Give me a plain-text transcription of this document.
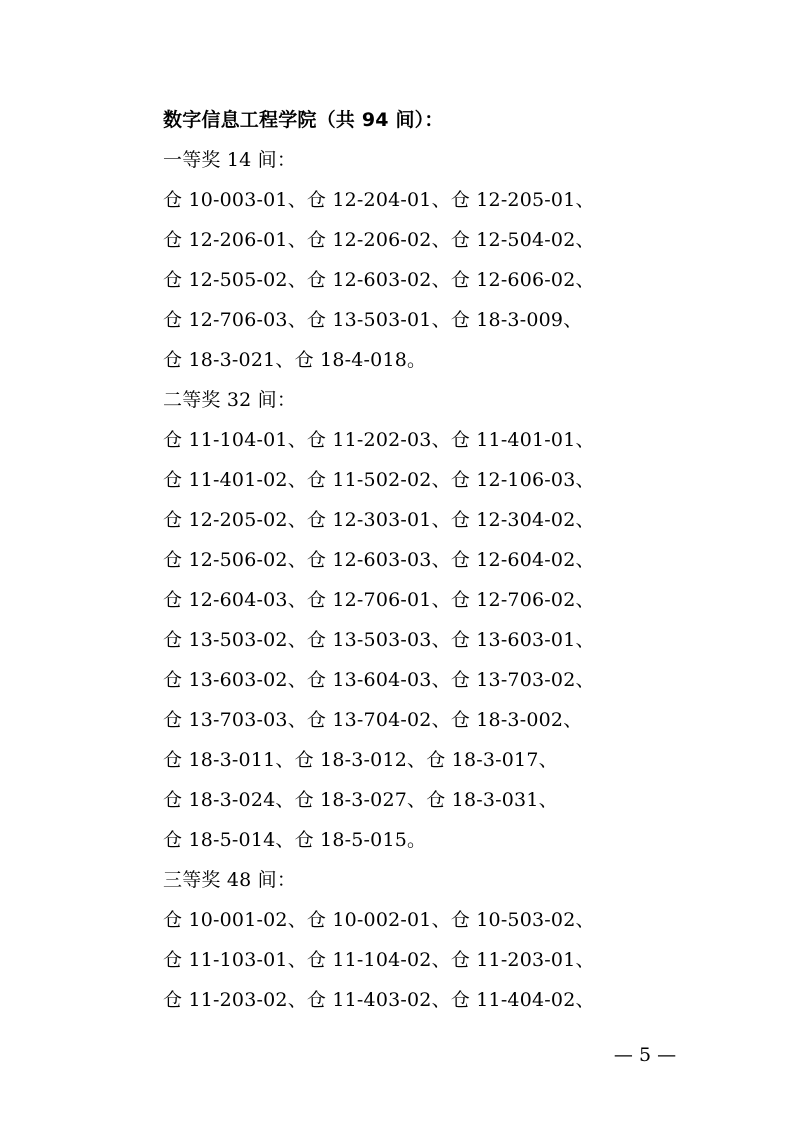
数字信息工程学院（共 94 间）：
一等奖 14 间：
仓 10-003-01、仓 12-204-01、仓 12-205-01、
仓 12-206-01、仓 12-206-02、仓 12-504-02、
仓 12-505-02、仓 12-603-02、仓 12-606-02、
仓 12-706-03、仓 13-503-01、仓 18-3-009、
仓 18-3-021、仓 18-4-018。
二等奖 32 间：
仓 11-104-01、仓 11-202-03、仓 11-401-01、
仓 11-401-02、仓 11-502-02、仓 12-106-03、
仓 12-205-02、仓 12-303-01、仓 12-304-02、
仓 12-506-02、仓 12-603-03、仓 12-604-02、
仓 12-604-03、仓 12-706-01、仓 12-706-02、
仓 13-503-02、仓 13-503-03、仓 13-603-01、
仓 13-603-02、仓 13-604-03、仓 13-703-02、
仓 13-703-03、仓 13-704-02、仓 18-3-002、
仓 18-3-011、仓 18-3-012、仓 18-3-017、
仓 18-3-024、仓 18-3-027、仓 18-3-031、
仓 18-5-014、仓 18-5-015。
三等奖 48 间：
仓 10-001-02、仓 10-002-01、仓 10-503-02、
仓 11-103-01、仓 11-104-02、仓 11-203-01、
仓 11-203-02、仓 11-403-02、仓 11-404-02、
— 5 —
